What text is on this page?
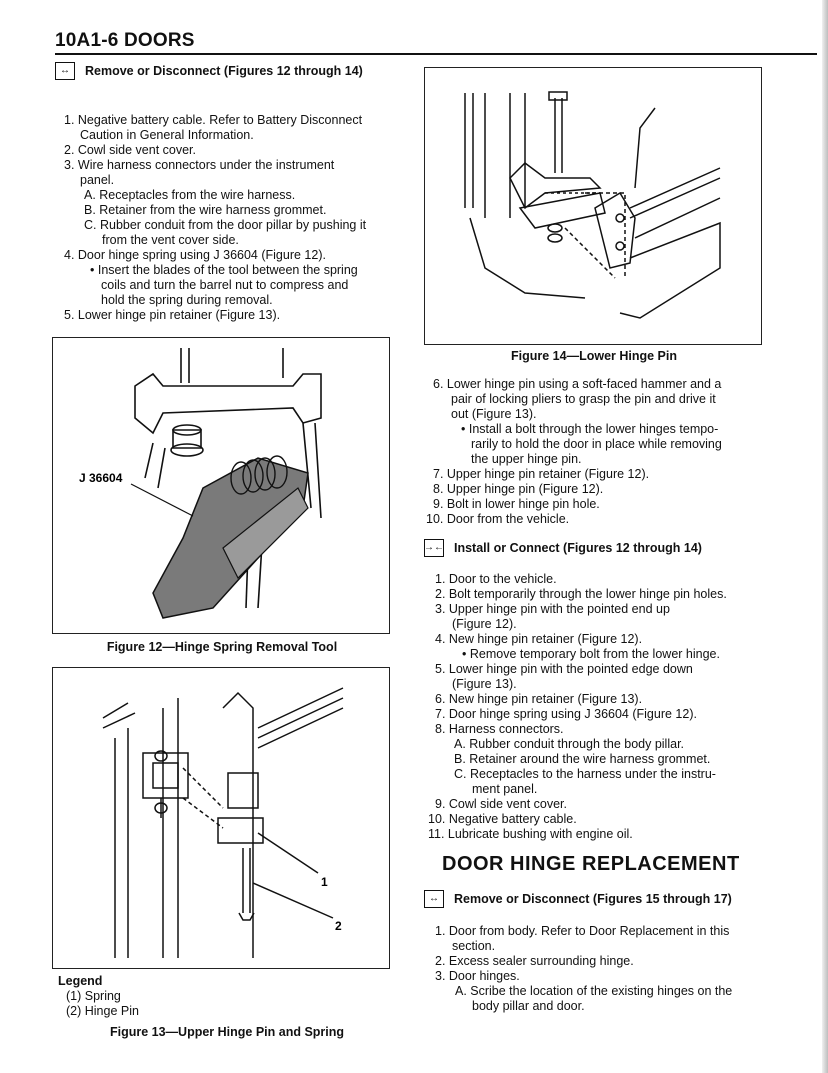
10A1-6 DOORS
↔	Remove or Disconnect (Figures 12 through 14)
1. Negative battery cable. Refer to Battery Disconnect
Caution in General Information.
2. Cowl side vent cover.
3. Wire harness connectors under the instrument
panel.
A. Receptacles from the wire harness.
B. Retainer from the wire harness grommet.
C. Rubber conduit from the door pillar by pushing it
from the vent cover side.
4. Door hinge spring using J 36604 (Figure 12).
• Insert the blades of the tool between the spring
coils and turn the barrel nut to compress and
hold the spring during removal.
5. Lower hinge pin retainer (Figure 13).
J 36604
Figure 12—Hinge Spring Removal Tool
1
2
Legend
(1) Spring
(2) Hinge Pin
Figure 13—Upper Hinge Pin and Spring
Figure 14—Lower Hinge Pin
6. Lower hinge pin using a soft-faced hammer and a
pair of locking pliers to grasp the pin and drive it
out (Figure 13).
• Install a bolt through the lower hinges tempo-
rarily to hold the door in place while removing
the upper hinge pin.
7. Upper hinge pin retainer (Figure 12).
8. Upper hinge pin (Figure 12).
9. Bolt in lower hinge pin hole.
10. Door from the vehicle.
→← Install or Connect (Figures 12 through 14)
1. Door to the vehicle.
2. Bolt temporarily through the lower hinge pin holes.
3. Upper hinge pin with the pointed end up
(Figure 12).
4. New hinge pin retainer (Figure 12).
• Remove temporary bolt from the lower hinge.
5. Lower hinge pin with the pointed edge down
(Figure 13).
6. New hinge pin retainer (Figure 13).
7. Door hinge spring using J 36604 (Figure 12).
8. Harness connectors.
A. Rubber conduit through the body pillar.
B. Retainer around the wire harness grommet.
C. Receptacles to the harness under the instru-
ment panel.
9. Cowl side vent cover.
10. Negative battery cable.
11. Lubricate bushing with engine oil.
DOOR HINGE REPLACEMENT
↔	Remove or Disconnect (Figures 15 through 17)
1. Door from body. Refer to Door Replacement in this
section.
2. Excess sealer surrounding hinge.
3. Door hinges.
A. Scribe the location of the existing hinges on the
body pillar and door.
